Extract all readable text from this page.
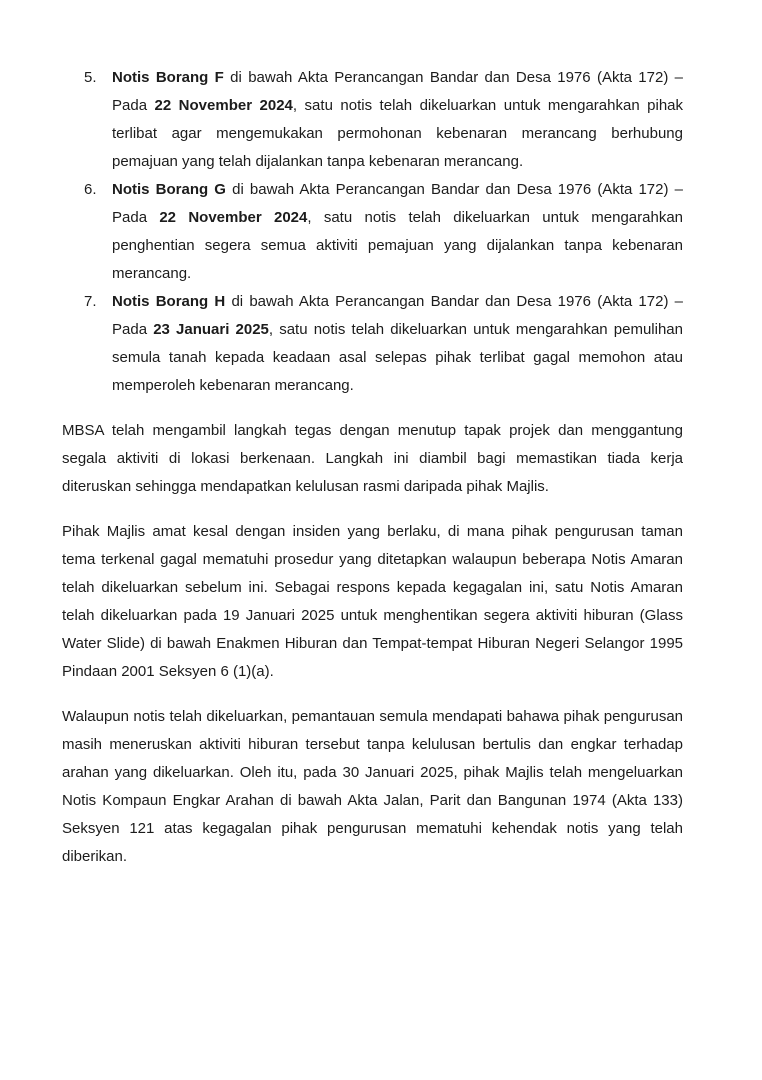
5.	Notis Borang F di bawah Akta Perancangan Bandar dan Desa 1976 (Akta 172) – Pada 22 November 2024, satu notis telah dikeluarkan untuk mengarahkan pihak terlibat agar mengemukakan permohonan kebenaran merancang berhubung pemajuan yang telah dijalankan tanpa kebenaran merancang.
6.	Notis Borang G di bawah Akta Perancangan Bandar dan Desa 1976 (Akta 172) – Pada 22 November 2024, satu notis telah dikeluarkan untuk mengarahkan penghentian segera semua aktiviti pemajuan yang dijalankan tanpa kebenaran merancang.
7.	Notis Borang H di bawah Akta Perancangan Bandar dan Desa 1976 (Akta 172) – Pada 23 Januari 2025, satu notis telah dikeluarkan untuk mengarahkan pemulihan semula tanah kepada keadaan asal selepas pihak terlibat gagal memohon atau memperoleh kebenaran merancang.

MBSA telah mengambil langkah tegas dengan menutup tapak projek dan menggantung segala aktiviti di lokasi berkenaan. Langkah ini diambil bagi memastikan tiada kerja diteruskan sehingga mendapatkan kelulusan rasmi daripada pihak Majlis.

Pihak Majlis amat kesal dengan insiden yang berlaku, di mana pihak pengurusan taman tema terkenal gagal mematuhi prosedur yang ditetapkan walaupun beberapa Notis Amaran telah dikeluarkan sebelum ini. Sebagai respons kepada kegagalan ini, satu Notis Amaran telah dikeluarkan pada 19 Januari 2025 untuk menghentikan segera aktiviti hiburan (Glass Water Slide) di bawah Enakmen Hiburan dan Tempat-tempat Hiburan Negeri Selangor 1995 Pindaan 2001 Seksyen 6 (1)(a).

Walaupun notis telah dikeluarkan, pemantauan semula mendapati bahawa pihak pengurusan masih meneruskan aktiviti hiburan tersebut tanpa kelulusan bertulis dan engkar terhadap arahan yang dikeluarkan. Oleh itu, pada 30 Januari 2025, pihak Majlis telah mengeluarkan Notis Kompaun Engkar Arahan di bawah Akta Jalan, Parit dan Bangunan 1974 (Akta 133) Seksyen 121 atas kegagalan pihak pengurusan mematuhi kehendak notis yang telah diberikan.
